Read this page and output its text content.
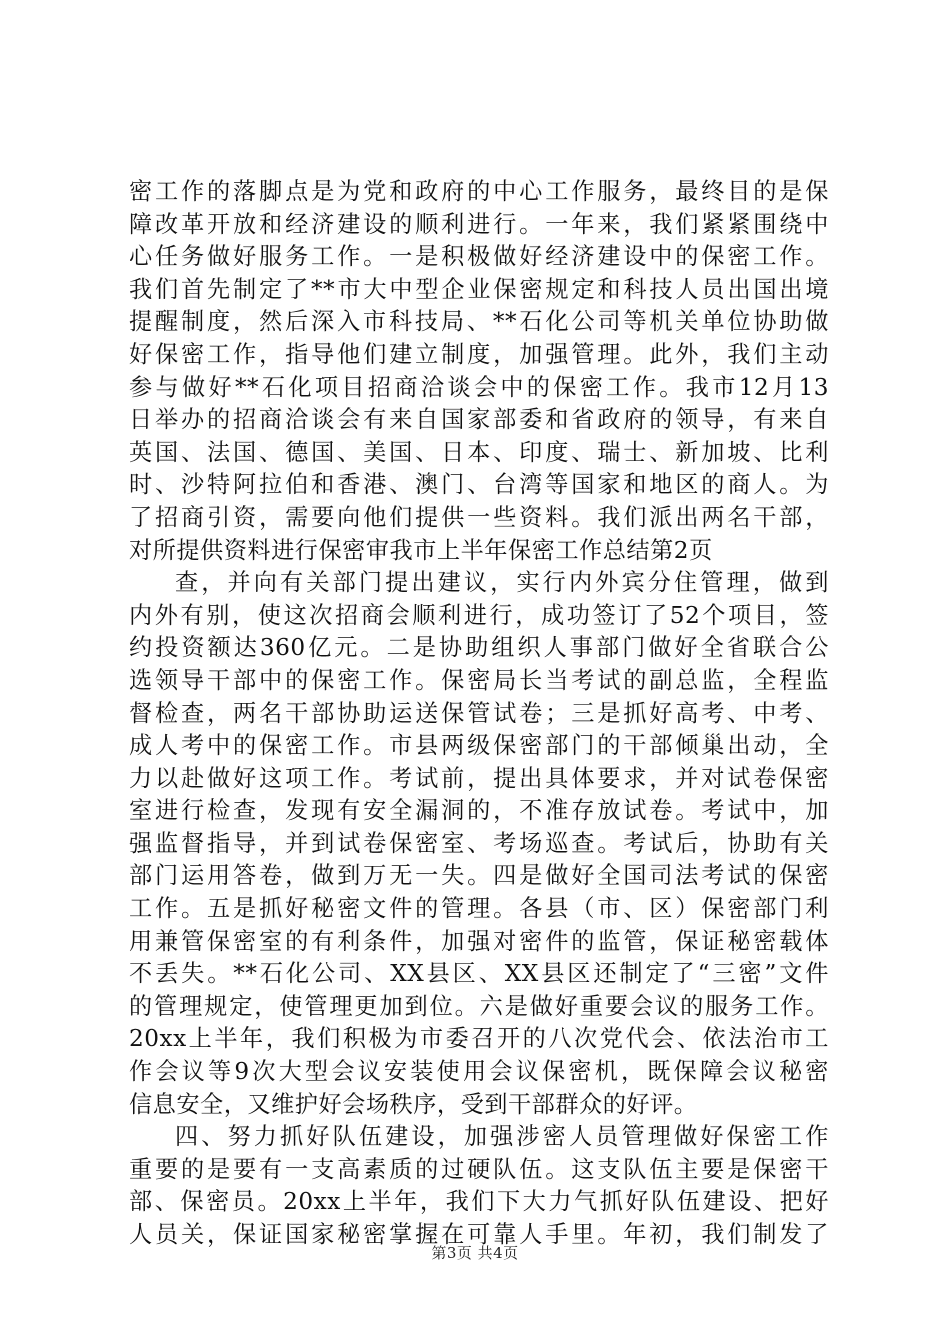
密工作的落脚点是为党和政府的中心工作服务，最终目的是保
障改革开放和经济建设的顺利进行。一年来，我们紧紧围绕中
心任务做好服务工作。一是积极做好经济建设中的保密工作。
我们首先制定了**市大中型企业保密规定和科技人员出国出境
提醒制度，然后深入市科技局、**石化公司等机关单位协助做
好保密工作，指导他们建立制度，加强管理。此外，我们主动
参与做好**石化项目招商洽谈会中的保密工作。我市12月13
日举办的招商洽谈会有来自国家部委和省政府的领导，有来自
英国、法国、德国、美国、日本、印度、瑞士、新加坡、比利
时、沙特阿拉伯和香港、澳门、台湾等国家和地区的商人。为
了招商引资，需要向他们提供一些资料。我们派出两名干部，
对所提供资料进行保密审我市上半年保密工作总结第2页
查，并向有关部门提出建议，实行内外宾分住管理，做到
内外有别，使这次招商会顺利进行，成功签订了52个项目，签
约投资额达360亿元。二是协助组织人事部门做好全省联合公
选领导干部中的保密工作。保密局长当考试的副总监，全程监
督检查，两名干部协助运送保管试卷；三是抓好高考、中考、
成人考中的保密工作。市县两级保密部门的干部倾巢出动，全
力以赴做好这项工作。考试前，提出具体要求，并对试卷保密
室进行检查，发现有安全漏洞的，不准存放试卷。考试中，加
强监督指导，并到试卷保密室、考场巡查。考试后，协助有关
部门运用答卷，做到万无一失。四是做好全国司法考试的保密
工作。五是抓好秘密文件的管理。各县（市、区）保密部门利
用兼管保密室的有利条件，加强对密件的监管，保证秘密载体
不丢失。**石化公司、XX县区、XX县区还制定了“三密”文件
的管理规定，使管理更加到位。六是做好重要会议的服务工作。
20xx上半年，我们积极为市委召开的八次党代会、依法治市工
作会议等9次大型会议安装使用会议保密机，既保障会议秘密
信息安全，又维护好会场秩序，受到干部群众的好评。
四、努力抓好队伍建设，加强涉密人员管理做好保密工作
重要的是要有一支高素质的过硬队伍。这支队伍主要是保密干
部、保密员。20xx上半年，我们下大力气抓好队伍建设、把好
人员关，保证国家秘密掌握在可靠人手里。年初，我们制发了
第3页 共4页
